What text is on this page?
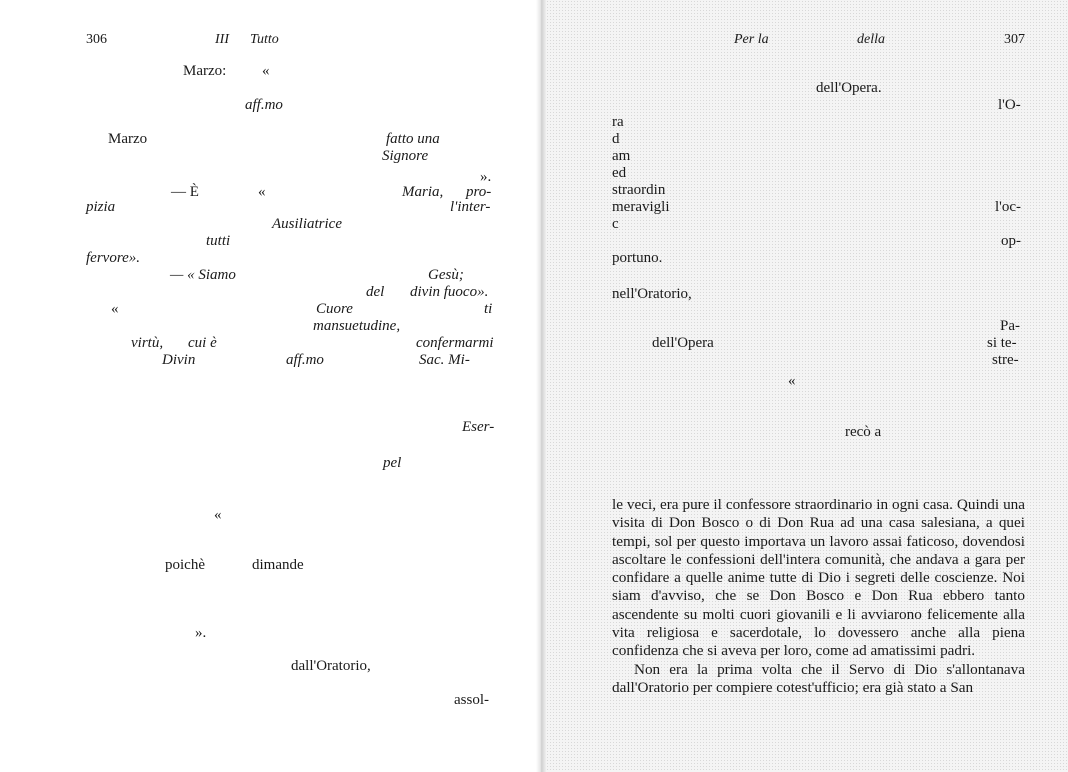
306	III Tutto
Marzo: «
aff.mo
Marzo	fatto una
Signore
».
— È	«	Maria, pro-
pizia	l'inter-
Ausiliatrice
tutti
fervore».
— « Siamo	Gesù;
del divin fuoco».
«	Cuore	ti
mansuetudine,
virtù, cui è	confermarmi
Divin	aff.mo	Sac. Mi-
Eser-
pel
«
poichè	dimande
».
dall'Oratorio,
assol-
Per la	della	307
dell'Opera.
l'O-
ra
d
am
ed
straordin
meravigli	l'oc-
c
op-
portuno.
nell'Oratorio,
Pa-
dell'Opera	si te-
stre-
«
recò a

le veci, era pure il confessore straordinario in ogni casa. Quindi una visita di Don Bosco o di Don Rua ad una casa salesiana, a quei tempi, sol per questo importava un lavoro assai faticoso, dovendosi ascoltare le confessioni dell'intera comunità, che andava a gara per confidare a quelle anime tutte di Dio i segreti delle coscienze. Noi siam d'avviso, che se Don Bosco e Don Rua ebbero tanto ascendente su molti cuori giovanili e li avviarono felicemente alla vita religiosa e sacerdotale, lo dovessero anche alla piena confidenza che si aveva per loro, come ad amatissimi padri.

Non era la prima volta che il Servo di Dio s'allontanava dall'Oratorio per compiere cotest'ufficio; era già stato a San
